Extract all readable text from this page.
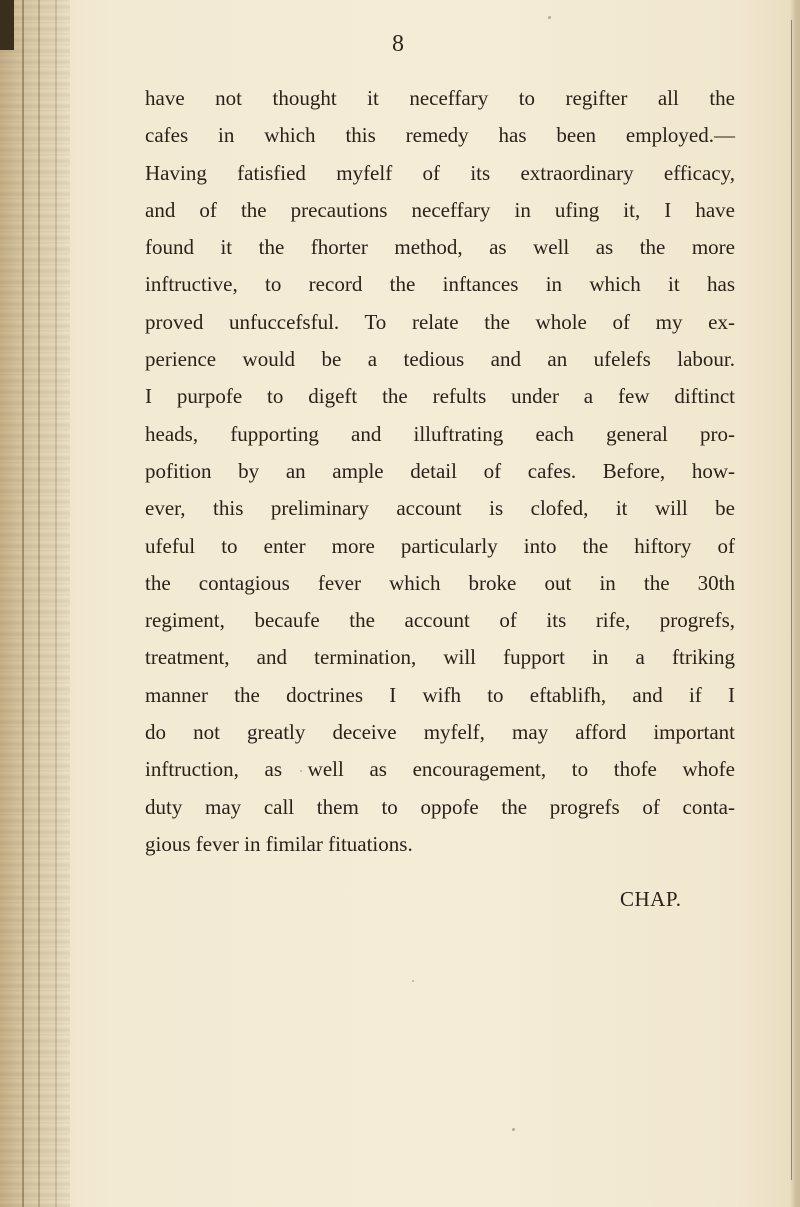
8
have not thought it neceffary to regifter all the
cafes in which this remedy has been employed.—
Having fatisfied myfelf of its extraordinary efficacy,
and of the precautions neceffary in ufing it, I have
found it the fhorter method, as well as the more
inftructive, to record the inftances in which it has
proved unfuccefsful. To relate the whole of my ex-
perience would be a tedious and an ufelefs labour.
I purpofe to digeft the refults under a few diftinct
heads, fupporting and illuftrating each general pro-
pofition by an ample detail of cafes. Before, how-
ever, this preliminary account is clofed, it will be
ufeful to enter more particularly into the hiftory of
the contagious fever which broke out in the 30th
regiment, becaufe the account of its rife, progrefs,
treatment, and termination, will fupport in a ftriking
manner the doctrines I wifh to eftablifh, and if I
do not greatly deceive myfelf, may afford important
inftruction, as well as encouragement, to thofe whofe
duty may call them to oppofe the progrefs of conta-
gious fever in fimilar fituations.
CHAP.
